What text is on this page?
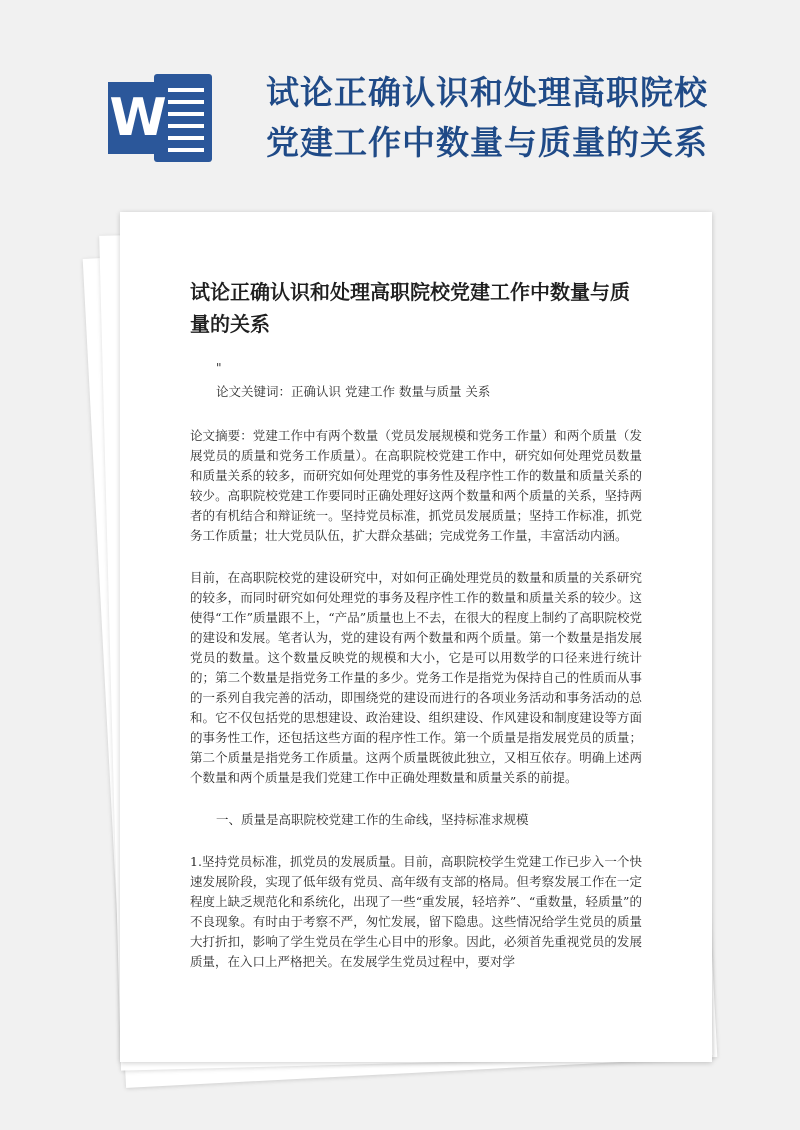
W	试论正确认识和处理高职院校
党建工作中数量与质量的关系
试论正确认识和处理高职院校党建工作中数量与质量的关系
"
论文关键词：正确认识 党建工作 数量与质量 关系
论文摘要：党建工作中有两个数量（党员发展规模和党务工作量）和两个质量（发展党员的质量和党务工作质量）。在高职院校党建工作中，研究如何处理党员数量和质量关系的较多，而研究如何处理党的事务性及程序性工作的数量和质量关系的较少。高职院校党建工作要同时正确处理好这两个数量和两个质量的关系，坚持两者的有机结合和辩证统一。坚持党员标准，抓党员发展质量；坚持工作标准，抓党务工作质量；壮大党员队伍，扩大群众基础；完成党务工作量，丰富活动内涵。
目前，在高职院校党的建设研究中，对如何正确处理党员的数量和质量的关系研究的较多，而同时研究如何处理党的事务及程序性工作的数量和质量关系的较少。这使得“工作”质量跟不上，“产品”质量也上不去，在很大的程度上制约了高职院校党的建设和发展。笔者认为，党的建设有两个数量和两个质量。第一个数量是指发展党员的数量。这个数量反映党的规模和大小，它是可以用数学的口径来进行统计的；第二个数量是指党务工作量的多少。党务工作是指党为保持自己的性质而从事的一系列自我完善的活动，即围绕党的建设而进行的各项业务活动和事务活动的总和。它不仅包括党的思想建设、政治建设、组织建设、作风建设和制度建设等方面的事务性工作，还包括这些方面的程序性工作。第一个质量是指发展党员的质量；第二个质量是指党务工作质量。这两个质量既彼此独立，又相互依存。明确上述两个数量和两个质量是我们党建工作中正确处理数量和质量关系的前提。
一、质量是高职院校党建工作的生命线，坚持标准求规模
1.坚持党员标准，抓党员的发展质量。目前，高职院校学生党建工作已步入一个快速发展阶段，实现了低年级有党员、高年级有支部的格局。但考察发展工作在一定程度上缺乏规范化和系统化，出现了一些“重发展，轻培养”、“重数量，轻质量”的不良现象。有时由于考察不严，匆忙发展，留下隐患。这些情况给学生党员的质量大打折扣，影响了学生党员在学生心目中的形象。因此，必须首先重视党员的发展质量，在入口上严格把关。在发展学生党员过程中，要对学
